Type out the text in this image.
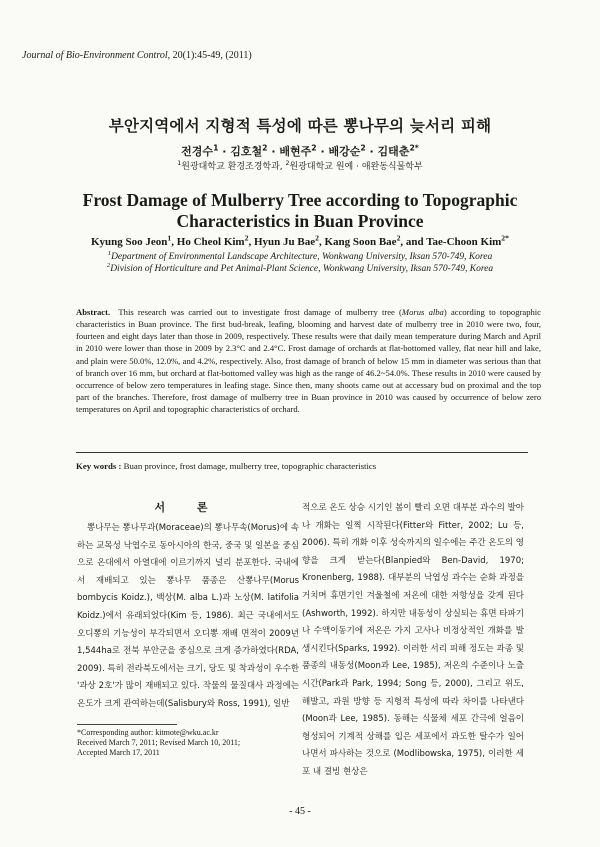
Journal of Bio-Environment Control, 20(1):45-49, (2011)
부안지역에서 지형적 특성에 따른 뽕나무의 늦서리 피해
전경수$^1$ · 김호철$^2$ · 배현주$^2$ · 배강순$^2$ · 김태춘$^{2*}$
$^1$원광대학교 환경조경학과, $^2$원광대학교 원예 · 애완동식물학부
Frost Damage of Mulberry Tree according to Topographic
Characteristics in Buan Province
Kyung Soo Jeon$^1$, Ho Cheol Kim$^2$, Hyun Ju Bae$^2$, Kang Soon Bae$^2$, and Tae-Choon Kim$^{2*}$
$^1$Department of Environmental Landscape Architecture, Wonkwang University, Iksan 570-749, Korea
$^2$Division of Horticulture and Pet Animal-Plant Science, Wonkwang University, Iksan 570-749, Korea
Abstract. This research was carried out to investigate frost damage of mulberry tree (Morus alba) according to topographic characteristics in Buan province. The first bud-break, leafing, blooming and harvest date of mulberry tree in 2010 were two, four, fourteen and eight days later than those in 2009, respectively. These results were that daily mean temperature during March and April in 2010 were lower than those in 2009 by 2.3°C and 2.4°C. Frost damage of orchards at flat-bottomed valley, flat near hill and lake, and plain were 50.0%, 12.0%, and 4.2%, respectively. Also, frost damage of branch of below 15 mm in diameter was serious than that of branch over 16 mm, but orchard at flat-bottomed valley was high as the range of 46.2~54.0%. These results in 2010 were caused by occurrence of below zero temperatures in leafing stage. Since then, many shoots came out at accessary bud on proximal and the top part of the branches. Therefore, frost damage of mulberry tree in Buan province in 2010 was caused by occurrence of below zero temperatures on April and topographic characteristics of orchard.
Key words : Buan province, frost damage, mulberry tree, topographic characteristics

서 론

뽕나무는 뽕나무과(Moraceae)의 뽕나무속(Morus)에 속하는 교목성 낙엽수로 동아시아의 한국, 중국 및 일본을 중심으로 온대에서 아열대에 이르기까지 널리 분포한다. 국내에서 재배되고 있는 뽕나무 품종은 산뽕나무(Morus bombycis Koidz.), 백상(M. alba L.)과 노상(M. latifolia Koidz.)에서 유래되었다(Kim 등, 1986). 최근 국내에서도 오디뽕의 기능성이 부각되면서 오디뽕 재배 면적이 2009년 1,544ha로 전북 부안군을 중심으로 크게 증가하였다(RDA, 2009). 특히 전라북도에서는 크기, 당도 및 착과성이 우수한 '과상 2호'가 많이 재배되고 있다. 작물의 물질대사 과정에는 온도가 크게 관여하는데(Salisbury와 Ross, 1991), 일반

적으로 온도 상승 시기인 봄이 빨리 오면 대부분 과수의 발아나 개화는 일찍 시작된다(Fitter와 Fitter, 2002; Lu 등, 2006). 특히 개화 이후 성숙까지의 일수에는 주간 온도의 영향을 크게 받는다(Blanpied와 Ben-David, 1970; Kronenberg, 1988). 대부분의 낙엽성 과수는 순화 과정을 거치며 휴면기인 겨울철에 저온에 대한 저항성을 갖게 된다(Ashworth, 1992). 하지만 내동성이 상실되는 휴면 타파기나 수액이동기에 저온은 가지 고사나 비정상적인 개화를 발생시킨다(Sparks, 1992). 이러한 서리 피해 정도는 과종 및 품종의 내동성(Moon과 Lee, 1985), 저온의 수준이나 노출 시간(Park과 Park, 1994; Song 등, 2000), 그리고 위도, 해발고, 과원 방향 등 지형적 특성에 따라 차이를 나타낸다(Moon과 Lee, 1985). 동해는 식물체 세포 간극에 얼음이 형성되어 기계적 상해를 입은 세포에서 과도한 탈수가 일어나면서 파사하는 것으로 (Modlibowska, 1975), 이러한 세포 내 결빙 현상은

*Corresponding author: kitmote@wku.ac.kr
Received March 7, 2011; Revised March 10, 2011;
Accepted March 17, 2011
- 45 -
